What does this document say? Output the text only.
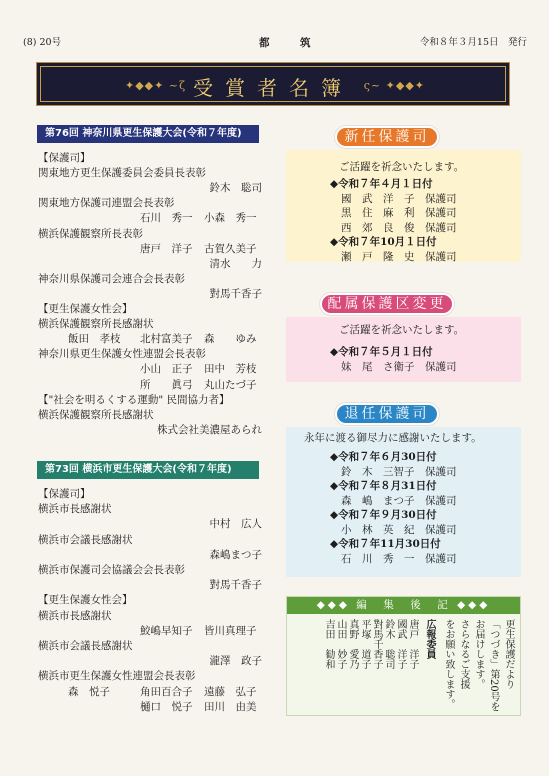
(8) 20号	都　筑	令和８年３月15日　発行
✦◆◆✦ ~ζ 受賞者名簿 ς~ ✦◆◆✦
第76回 神奈川県更生保護大会(令和７年度)
【保護司】
関東地方更生保護委員会委員長表彰
鈴木　聡司
関東地方保護司連盟会長表彰
石川　秀一 小森　秀一
横浜保護観察所長表彰
唐戸　洋子 古賀久美子
清水　　力
神奈川県保護司会連合会長表彰
對馬千香子
【更生保護女性会】
横浜保護観察所長感謝状
飯田　孝枝 北村富美子 森　　ゆみ
神奈川県更生保護女性連盟会長表彰
小山　正子 田中　芳枝
所　　眞弓 丸山たづ子
【"社会を明るくする運動" 民間協力者】
横浜保護観察所長感謝状
株式会社美濃屋あられ
第73回 横浜市更生保護大会(令和７年度)
【保護司】
横浜市長感謝状
中村　広人
横浜市会議長感謝状
森嶋まつ子
横浜市保護司会協議会会長表彰
對馬千香子
【更生保護女性会】
横浜市長感謝状
鮫嶋早知子 皆川真理子
横浜市会議長感謝状
瀧澤　政子
横浜市更生保護女性連盟会長表彰
森　悦子	角田百合子 遠藤　弘子
樋口　悦子 田川　由美
新任保護司
ご活躍を祈念いたします。
◆令和７年４月１日付
國　武　洋　子　保護司
黒　住　麻　利　保護司
西　郊　良　俊　保護司
◆令和７年10月１日付
瀬　戸　隆　史　保護司
配属保護区変更
ご活躍を祈念いたします。
◆令和７年５月１日付
妹　尾　さ衛子　保護司
退任保護司
永年に渡る御尽力に感謝いたします。
◆令和７年６月30日付
鈴　木　三智子　保護司
◆令和７年８月31日付
森　嶋　まつ子　保護司
◆令和７年９月30日付
小　林　英　紀　保護司
◆令和７年11月30日付
石　川　秀　一　保護司
◆◆◆ 編　集　後　記 ◆◆◆
更生保護だより
「つづき」第20号を
お届けします。
さらなるご支援
をお願い致します。
広報委員
唐戸　洋子
國武　洋子
鈴木　聡司
對馬千香子
平塚　道子
真野　愛乃
山田　妙子
吉田　勧和
